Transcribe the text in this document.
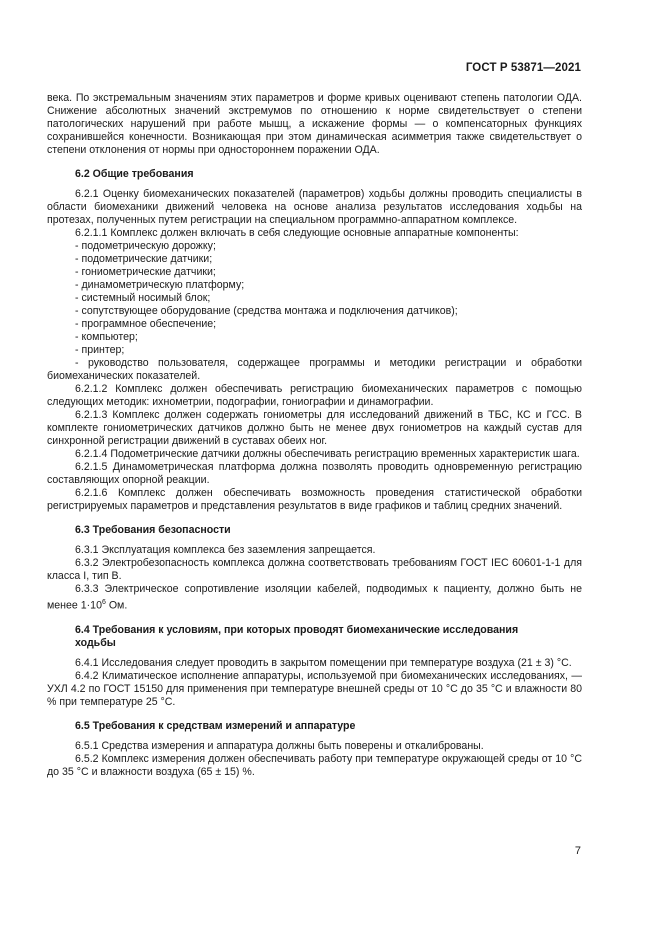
ГОСТ Р 53871—2021

века. По экстремальным значениям этих параметров и форме кривых оценивают степень патологии ОДА. Снижение абсолютных значений экстремумов по отношению к норме свидетельствует о степени патологических нарушений при работе мышц, а искажение формы — о компенсаторных функциях сохранившейся конечности. Возникающая при этом динамическая асимметрия также свидетельствует о степени отклонения от нормы при одностороннем поражении ОДА.

6.2 Общие требования

6.2.1 Оценку биомеханических показателей (параметров) ходьбы должны проводить специалисты в области биомеханики движений человека на основе анализа результатов исследования ходьбы на протезах, полученных путем регистрации на специальном программно-аппаратном комплексе.

6.2.1.1 Комплекс должен включать в себя следующие основные аппаратные компоненты:

- подометрическую дорожку;

- подометрические датчики;

- гониометрические датчики;

- динамометрическую платформу;

- системный носимый блок;

- сопутствующее оборудование (средства монтажа и подключения датчиков);

- программное обеспечение;

- компьютер;

- принтер;

- руководство пользователя, содержащее программы и методики регистрации и обработки биомеханических показателей.

6.2.1.2 Комплекс должен обеспечивать регистрацию биомеханических параметров с помощью следующих методик: ихнометрии, подографии, гониографии и динамографии.

6.2.1.3 Комплекс должен содержать гониометры для исследований движений в ТБС, КС и ГСС. В комплекте гониометрических датчиков должно быть не менее двух гониометров на каждый сустав для синхронной регистрации движений в суставах обеих ног.

6.2.1.4 Подометрические датчики должны обеспечивать регистрацию временных характеристик шага.

6.2.1.5 Динамометрическая платформа должна позволять проводить одновременную регистрацию составляющих опорной реакции.

6.2.1.6 Комплекс должен обеспечивать возможность проведения статистической обработки регистрируемых параметров и представления результатов в виде графиков и таблиц средних значений.

6.3 Требования безопасности

6.3.1 Эксплуатация комплекса без заземления запрещается.

6.3.2 Электробезопасность комплекса должна соответствовать требованиям ГОСТ IEC 60601-1-1 для класса I, тип В.

6.3.3 Электрическое сопротивление изоляции кабелей, подводимых к пациенту, должно быть не менее $1\cdot 10^6$ Ом.

6.4 Требования к условиям, при которых проводят биомеханические исследования ходьбы

6.4.1 Исследования следует проводить в закрытом помещении при температуре воздуха (21 ± 3) °С.

6.4.2 Климатическое исполнение аппаратуры, используемой при биомеханических исследованиях, — УХЛ 4.2 по ГОСТ 15150 для применения при температуре внешней среды от 10 °С до 35 °С и влажности 80 % при температуре 25 °С.

6.5 Требования к средствам измерений и аппаратуре

6.5.1 Средства измерения и аппаратура должны быть поверены и откалиброваны.

6.5.2 Комплекс измерения должен обеспечивать работу при температуре окружающей среды от 10 °С до 35 °С и влажности воздуха (65 ± 15) %.

7
